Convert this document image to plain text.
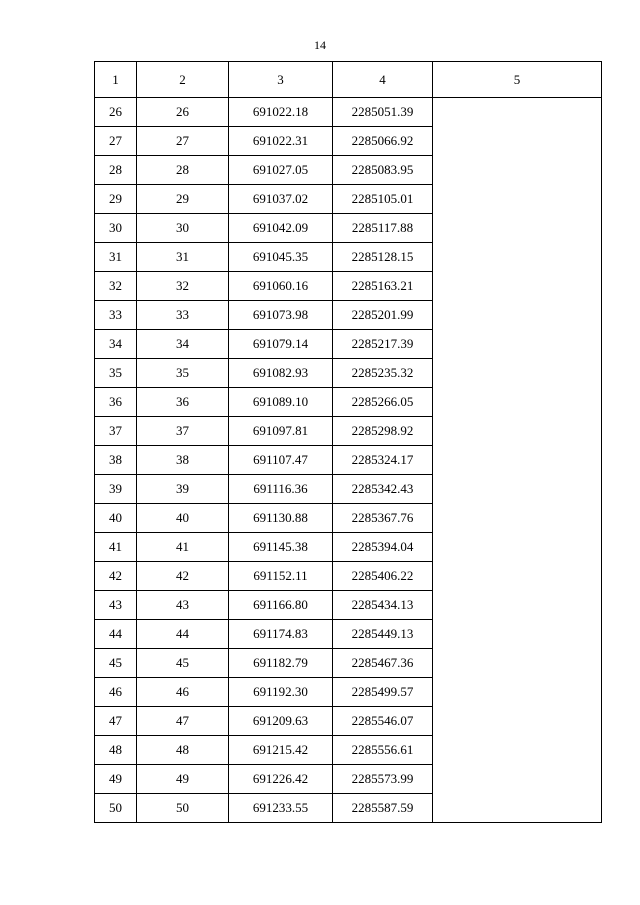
14
1	2	3	4	5
26	26	691022.18	2285051.39	
27	27	691022.31	2285066.92	
28	28	691027.05	2285083.95	
29	29	691037.02	2285105.01	
30	30	691042.09	2285117.88	
31	31	691045.35	2285128.15	
32	32	691060.16	2285163.21	
33	33	691073.98	2285201.99	
34	34	691079.14	2285217.39	
35	35	691082.93	2285235.32	
36	36	691089.10	2285266.05	
37	37	691097.81	2285298.92	
38	38	691107.47	2285324.17	
39	39	691116.36	2285342.43	
40	40	691130.88	2285367.76	
41	41	691145.38	2285394.04	
42	42	691152.11	2285406.22	
43	43	691166.80	2285434.13	
44	44	691174.83	2285449.13	
45	45	691182.79	2285467.36	
46	46	691192.30	2285499.57	
47	47	691209.63	2285546.07	
48	48	691215.42	2285556.61	
49	49	691226.42	2285573.99	
50	50	691233.55	2285587.59	
